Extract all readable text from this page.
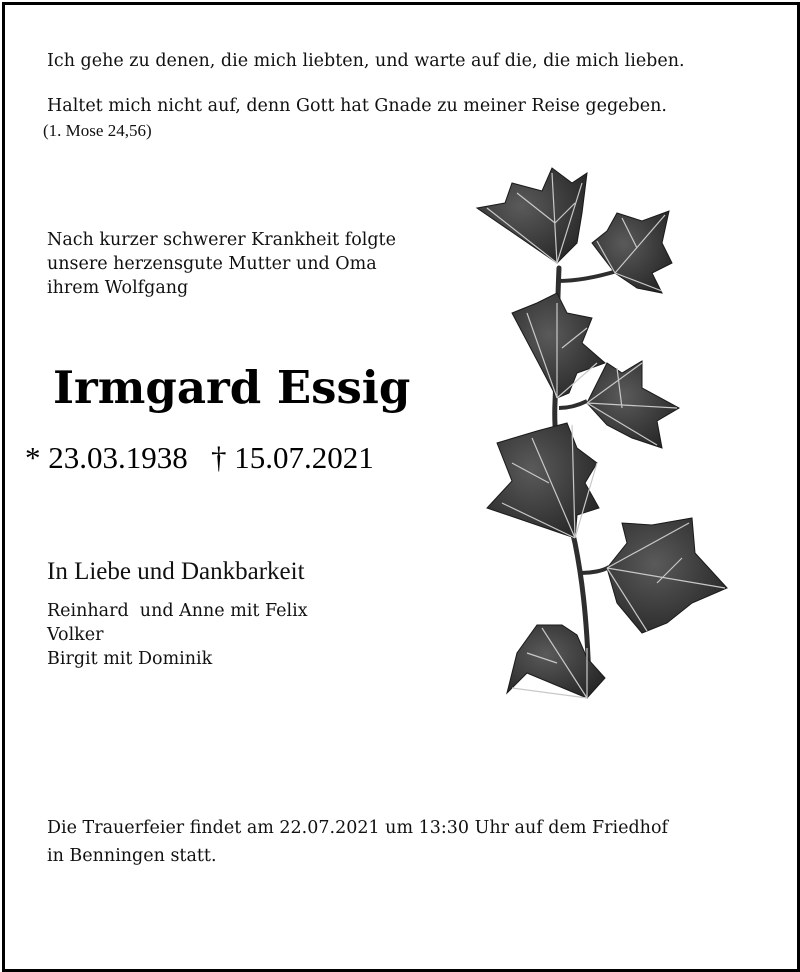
Ich gehe zu denen, die mich liebten, und warte auf die, die mich lieben.
Haltet mich nicht auf, denn Gott hat Gnade zu meiner Reise gegeben.
(1. Mose 24,56)
Nach kurzer schwerer Krankheit folgte
unsere herzensgute Mutter und Oma
ihrem Wolfgang
Irmgard Essig
* 23.03.1938 † 15.07.2021
In Liebe und Dankbarkeit
Reinhard  und Anne mit Felix
Volker
Birgit mit Dominik
Die Trauerfeier findet am 22.07.2021 um 13:30 Uhr auf dem Friedhof
in Benningen statt.
